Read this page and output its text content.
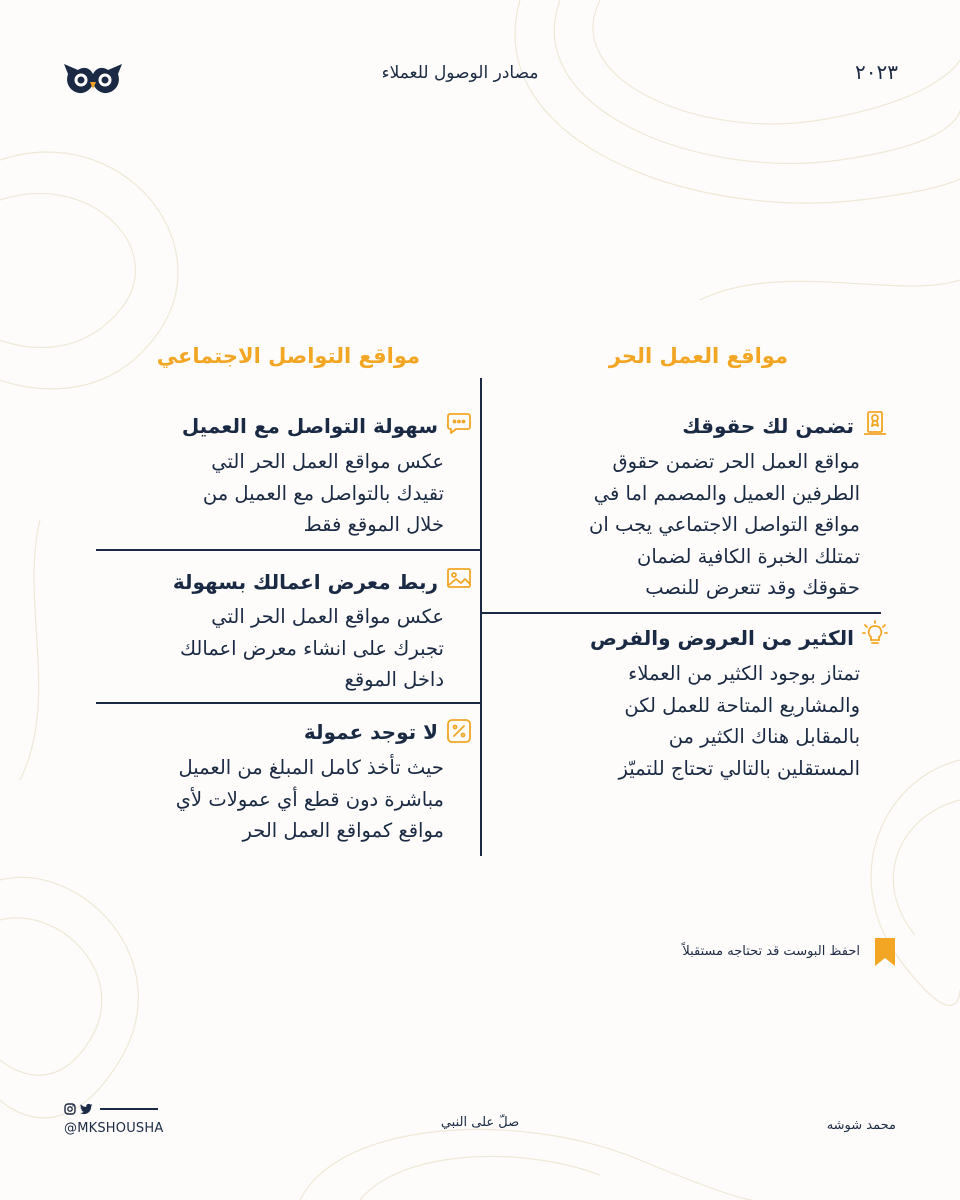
مصادر الوصول للعملاء	٢٠٢٣
مواقع العمل الحر
مواقع التواصل الاجتماعي
تضمن لك حقوقك
مواقع العمل الحر تضمن حقوق
الطرفين العميل والمصمم اما في
مواقع التواصل الاجتماعي يجب ان
تمتلك الخبرة الكافية لضمان
حقوقك وقد تتعرض للنصب
الكثير من العروض والفرص
تمتاز بوجود الكثير من العملاء
والمشاريع المتاحة للعمل لكن
بالمقابل هناك الكثير من
المستقلين بالتالي تحتاج للتميّز
سهولة التواصل مع العميل
عكس مواقع العمل الحر التي
تقيدك بالتواصل مع العميل من
خلال الموقع فقط
ربط معرض اعمالك بسهولة
عكس مواقع العمل الحر التي
تجبرك على انشاء معرض اعمالك
داخل الموقع
لا توجد عمولة
حيث تأخذ كامل المبلغ من العميل
مباشرة دون قطع أي عمولات لأي
مواقع كمواقع العمل الحر
احفظ البوست قد تحتاجه مستقبلاً
@MKSHOUSHA	صلّ على النبي	محمد شوشه
